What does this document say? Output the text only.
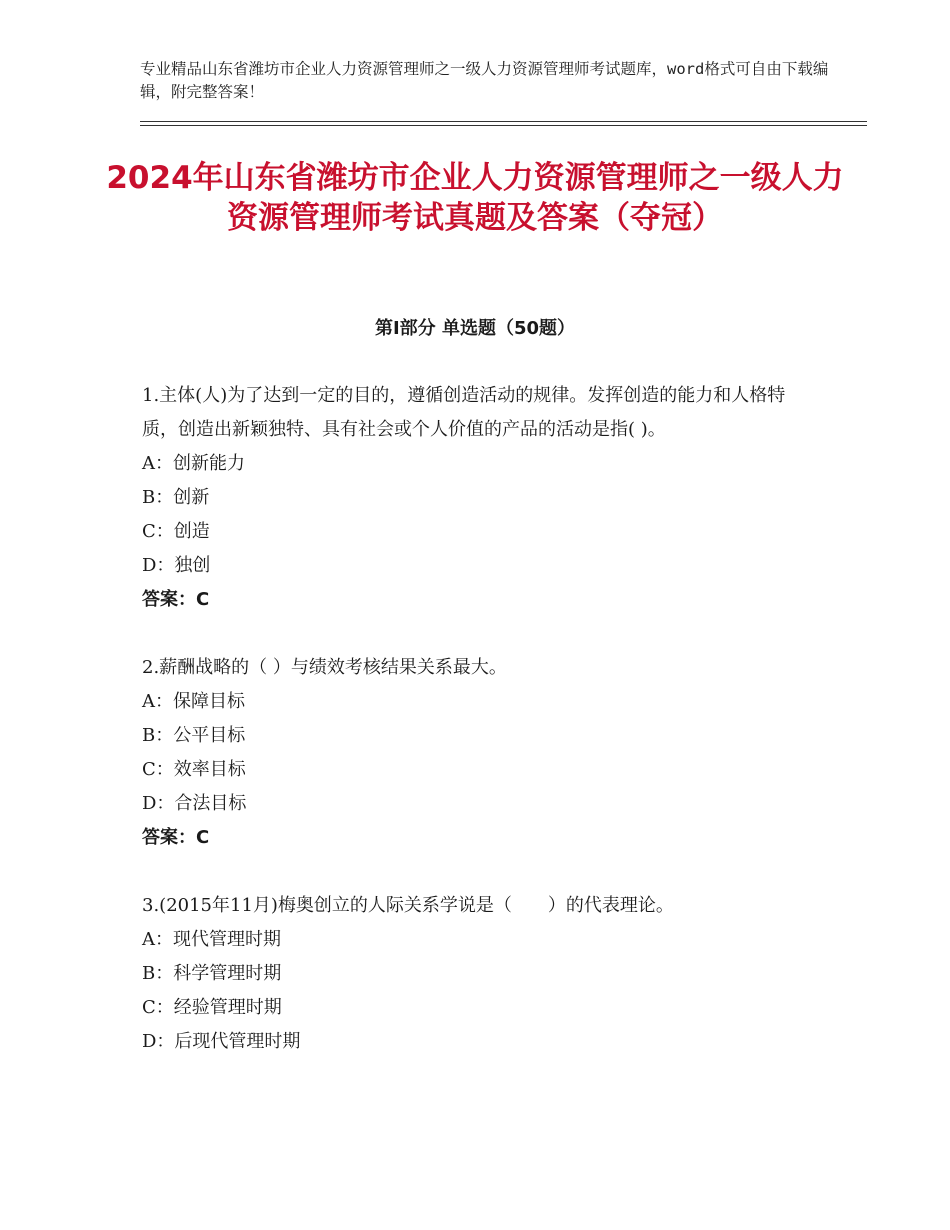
专业精品山东省潍坊市企业人力资源管理师之一级人力资源管理师考试题库，word格式可自由下载编辑，附完整答案！
2024年山东省潍坊市企业人力资源管理师之一级人力资源管理师考试真题及答案（夺冠）
第Ⅰ部分 单选题（50题）

1.主体(人)为了达到一定的目的，遵循创造活动的规律。发挥创造的能力和人格特质，创造出新颖独特、具有社会或个人价值的产品的活动是指( )。

A：创新能力

B：创新

C：创造

D：独创

答案：C

2.薪酬战略的（ ）与绩效考核结果关系最大。

A：保障目标

B：公平目标

C：效率目标

D：合法目标

答案：C

3.(2015年11月)梅奥创立的人际关系学说是（　　）的代表理论。

A：现代管理时期

B：科学管理时期

C：经验管理时期

D：后现代管理时期
